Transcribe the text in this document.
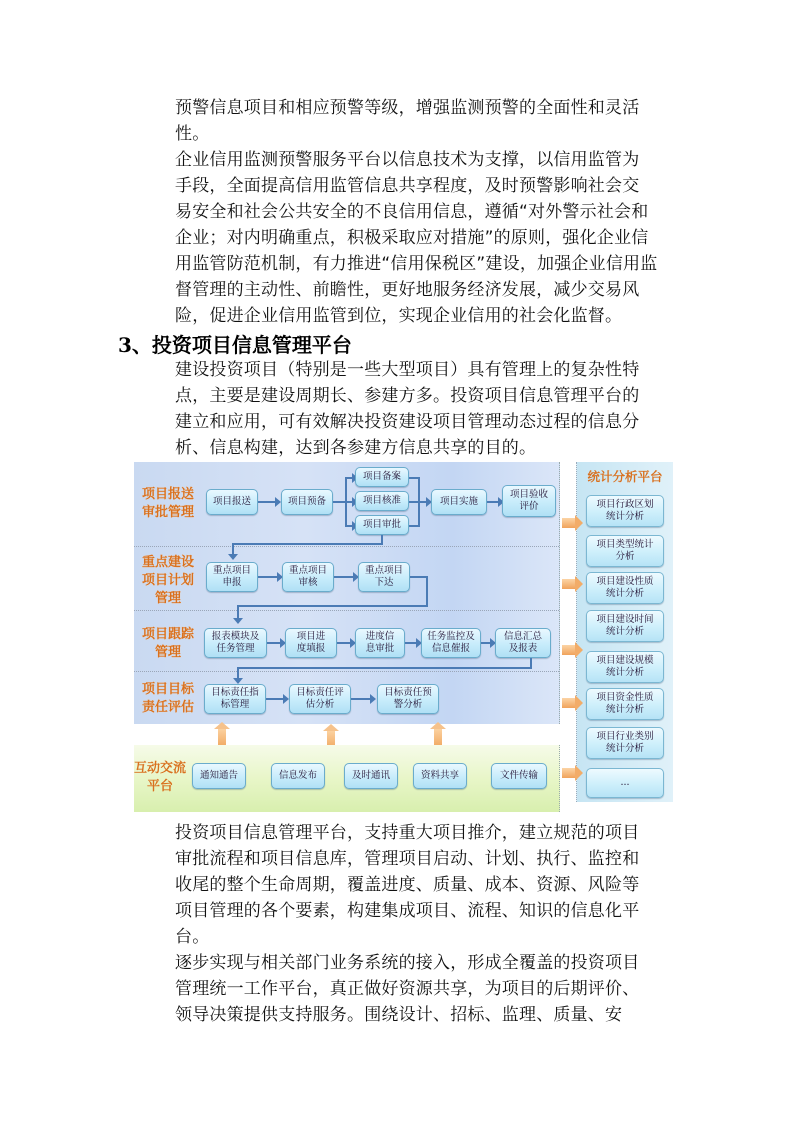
预警信息项目和相应预警等级，增强监测预警的全面性和灵活
性。
企业信用监测预警服务平台以信息技术为支撑，以信用监管为
手段，全面提高信用监管信息共享程度，及时预警影响社会交
易安全和社会公共安全的不良信用信息，遵循“对外警示社会和
企业；对内明确重点，积极采取应对措施”的原则，强化企业信
用监管防范机制，有力推进“信用保税区”建设，加强企业信用监
督管理的主动性、前瞻性，更好地服务经济发展，减少交易风
险，促进企业信用监管到位，实现企业信用的社会化监督。
3、投资项目信息管理平台
建设投资项目（特别是一些大型项目）具有管理上的复杂性特
点，主要是建设周期长、参建方多。投资项目信息管理平台的
建立和应用，可有效解决投资建设项目管理动态过程的信息分
析、信息构建，达到各参建方信息共享的目的。
项目报送
审批管理
项目报送	项目预备
项目备案
项目核准
项目审批
项目实施
项目验收
评价
重点建设
项目计划
管理
重点项目
申报
重点项目
审核
重点项目
下达
项目跟踪
管理
报表模块及
任务管理
项目进
度填报
进度信
息审批
任务监控及
信息催报
信息汇总
及报表
项目目标
责任评估
目标责任指
标管理
目标责任评
估分析
目标责任预
警分析
互动交流
平台
通知通告	信息发布	及时通讯	资料共享	文件传输
统计分析平台
项目行政区划
统计分析
项目类型统计
分析
项目建设性质
统计分析
项目建设时间
统计分析
项目建设规模
统计分析
项目资金性质
统计分析
项目行业类别
统计分析
...
投资项目信息管理平台，支持重大项目推介，建立规范的项目
审批流程和项目信息库，管理项目启动、计划、执行、监控和
收尾的整个生命周期，覆盖进度、质量、成本、资源、风险等
项目管理的各个要素，构建集成项目、流程、知识的信息化平
台。
逐步实现与相关部门业务系统的接入，形成全覆盖的投资项目
管理统一工作平台，真正做好资源共享，为项目的后期评价、
领导决策提供支持服务。围绕设计、招标、监理、质量、安
